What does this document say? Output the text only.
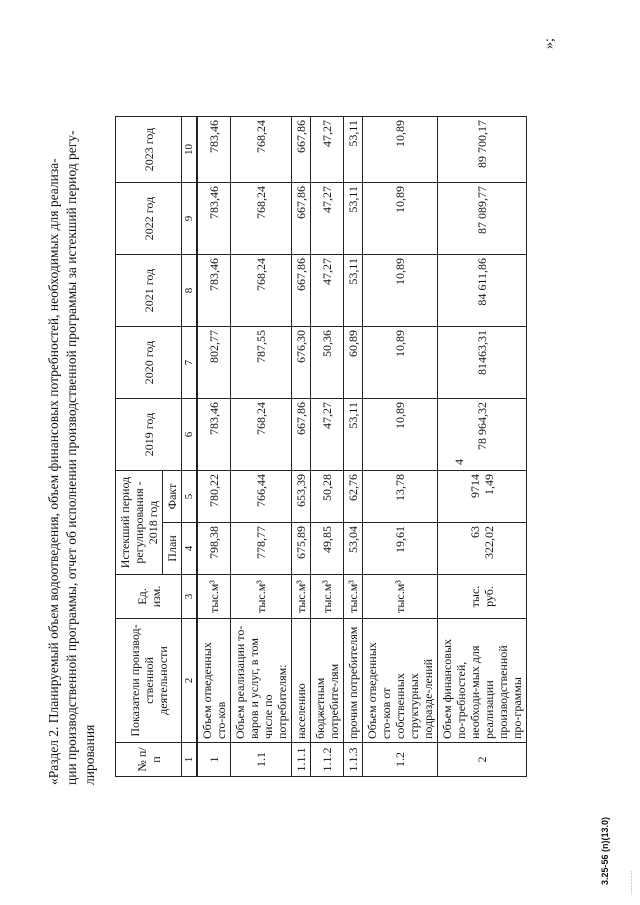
4
«Раздел 2. Планируемый объем водоотведения, объем финансовых потребностей, необходимых для реализа- ции производственной программы, отчет об исполнении производственной программы за истекший период регу- лирования	№ п/п	Показатели производ-ственной деятельности	Ед. изм.	Истекший период регулирования - 2018 год		2019 год	2020 год	2021 год	2022 год	2023 год
			План	Факт					
1	2	3	4	5	6	7	8	9	10
1	Объем отведенных сто-ков	тыс.м³	798,38	780,22	783,46	802,77	783,46	783,46	783,46
1.1	Объем реализации то-варов и услуг, в том числе по потребителям:	тыс.м³	778,77	766,44	768,24	787,55	768,24	768,24	768,24
1.1.1	населению	тыс.м³	675,89	653,39	667,86	676,30	667,86	667,86	667,86
1.1.2	бюджетным потребите-лям	тыс.м³	49,85	50,28	47,27	50,36	47,27	47,27	47,27
1.1.3	прочим потребителям	тыс.м³	53,04	62,76	53,11	60,89	53,11	53,11	53,11
1.2	Объем отведенных сто-ков от собственных структурных подразде-лений	тыс.м³	19,61	13,78	10,89	10,89	10,89	10,89	10,89
2	Объем финансовых по-требностей, необходи-мых для реализации производственной про-граммы	тыс. руб.	63 322,02	9714 1,49	78 964,32	81463,31	84 611,86	87 089,77	89 700,17
»;
3.25-56 (n)(13.0)	................
